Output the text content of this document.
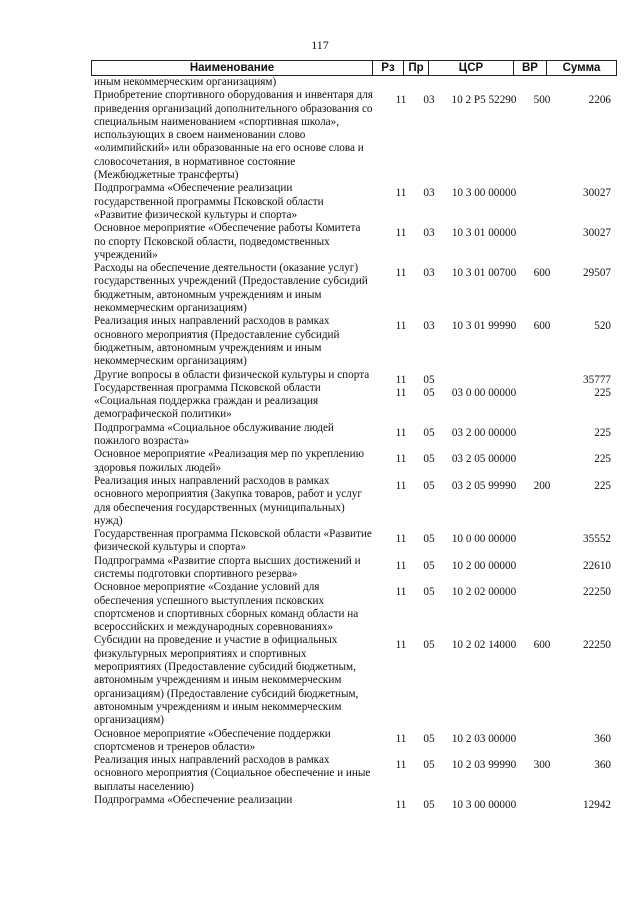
117
Наименование	Рз	Пр	ЦСР	ВР	Сумма
иным некоммерческим организациям)
Приобретение спортивного оборудования и инвентаря для приведения организаций дополнительного образования со специальным наименованием «спортивная школа», использующих в своем наименовании слово «олимпийский» или образованные на его основе слова и словосочетания, в нормативное состояние (Межбюджетные трансферты)
11	03	10 2 Р5 52290	500	2206
Подпрограмма «Обеспечение реализации государственной программы Псковской области «Развитие физической культуры и спорта»
11	03	10 3 00 00000	30027
Основное мероприятие «Обеспечение работы Комитета по спорту Псковской области, подведомственных учреждений»
11	03	10 3 01 00000	30027
Расходы на обеспечение деятельности (оказание услуг) государственных учреждений (Предоставление субсидий бюджетным, автономным учреждениям и иным некоммерческим организациям)
11	03	10 3 01 00700	600	29507
Реализация иных направлений расходов в рамках основного мероприятия (Предоставление субсидий бюджетным, автономным учреждениям и иным некоммерческим организациям)
11	03	10 3 01 99990	600	520
Другие вопросы в области физической культуры и спорта	11	05	35777
Государственная программа Псковской области «Социальная поддержка граждан и реализация демографической политики»
11	05	03 0 00 00000	225
Подпрограмма «Социальное обслуживание людей пожилого возраста»
11	05	03 2 00 00000	225
Основное мероприятие «Реализация мер по укреплению здоровья пожилых людей»
11	05	03 2 05 00000	225
Реализация иных направлений расходов в рамках основного мероприятия (Закупка товаров, работ и услуг для обеспечения государственных (муниципальных) нужд)
11	05	03 2 05 99990	200	225
Государственная программа Псковской области «Развитие физической культуры и спорта»
11	05	10 0 00 00000	35552
Подпрограмма «Развитие спорта высших достижений и системы подготовки спортивного резерва»
11	05	10 2 00 00000	22610
Основное мероприятие «Создание условий для обеспечения успешного выступления псковских спортсменов и спортивных сборных команд области на всероссийских и международных соревнованиях»
11	05	10 2 02 00000	22250
Субсидии на проведение и участие в официальных физкультурных мероприятиях и спортивных мероприятиях (Предоставление субсидий бюджетным, автономным учреждениям и иным некоммерческим организациям) (Предоставление субсидий бюджетным, автономным учреждениям и иным некоммерческим организациям)
11	05	10 2 02 14000	600	22250
Основное мероприятие «Обеспечение поддержки спортсменов и тренеров области»
11	05	10 2 03 00000	360
Реализация иных направлений расходов в рамках основного мероприятия (Социальное обеспечение и иные выплаты населению)
11	05	10 2 03 99990	300	360
Подпрограмма «Обеспечение реализации	11	05	10 3 00 00000	12942
